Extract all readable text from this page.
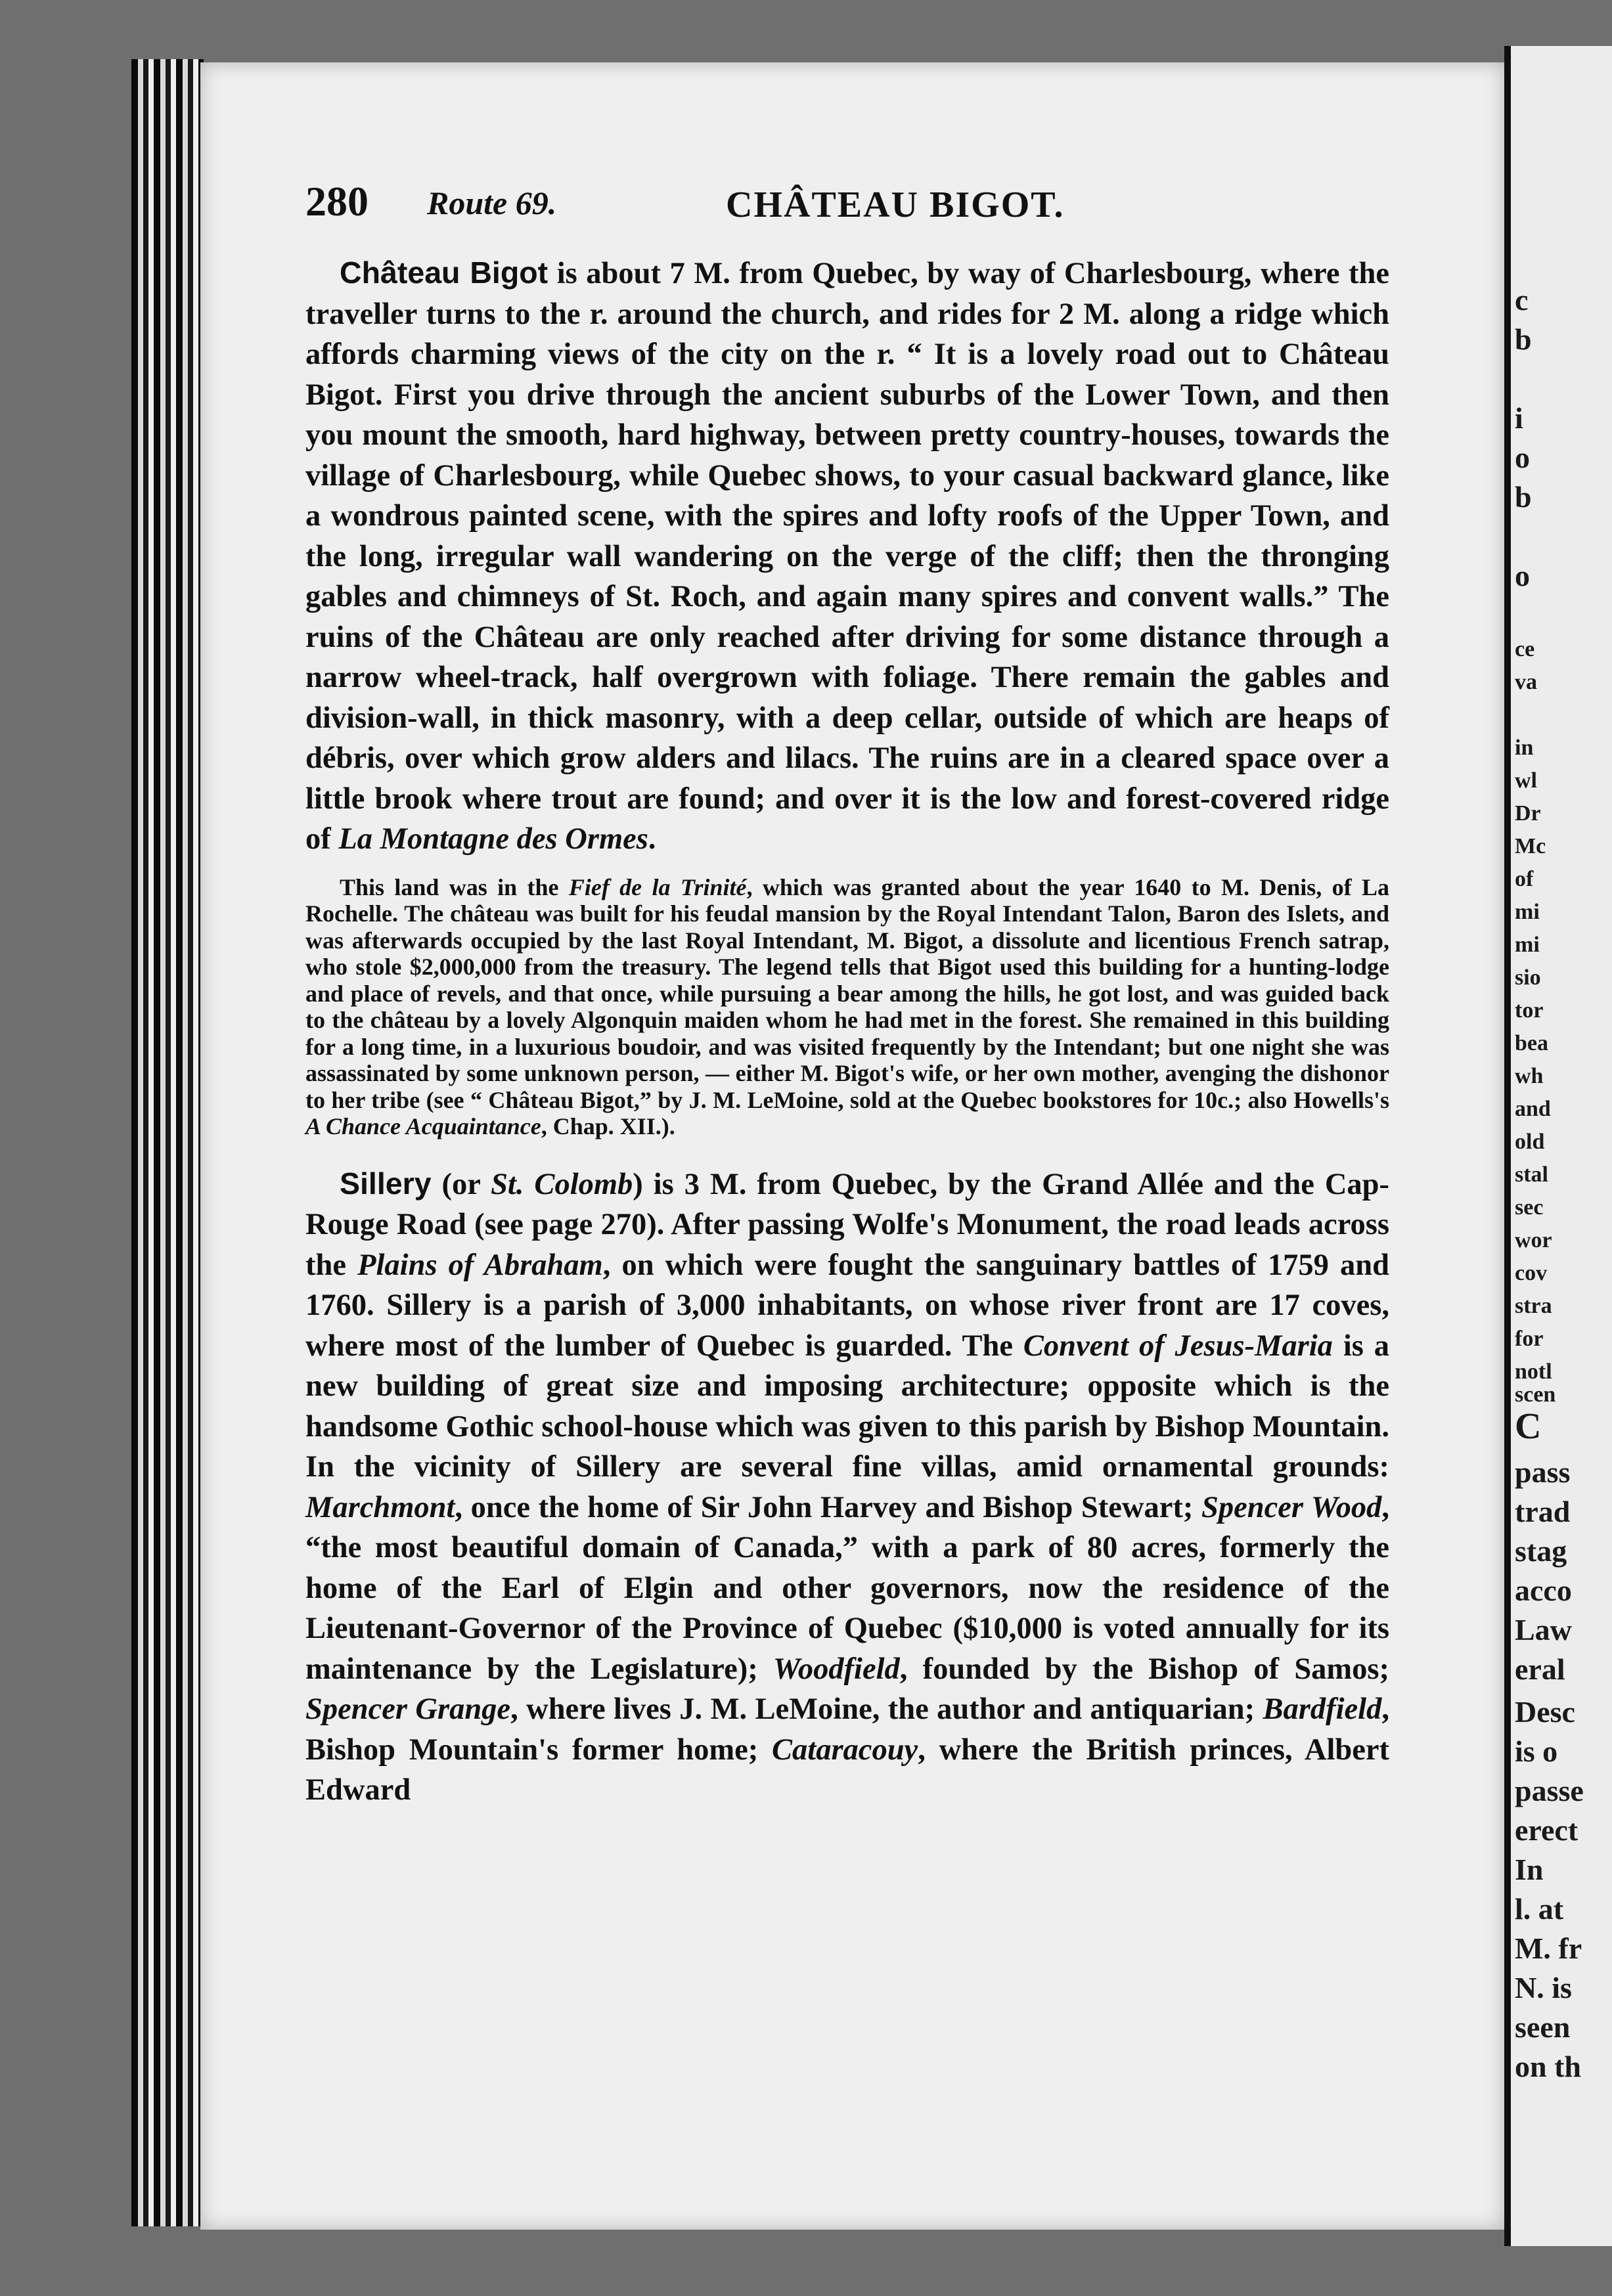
c
b
i
o
b
o
ce
va
in
wl
Dr
Mc
of
mi
mi
sio
tor
bea
wh
and
old
stal
sec
wor
cov
stra
for
notl
scen
C
pass
trad
stag
acco
Law
eral
Desc
is o
passe
erect
In
l. at
M. fr
N. is
seen
on th
280 Route 69.	CHÂTEAU BIGOT.

Château Bigot is about 7 M. from Quebec, by way of Charlesbourg, where the traveller turns to the r. around the church, and rides for 2 M. along a ridge which affords charming views of the city on the r. “ It is a lovely road out to Château Bigot. First you drive through the ancient suburbs of the Lower Town, and then you mount the smooth, hard highway, between pretty country-houses, towards the village of Charlesbourg, while Quebec shows, to your casual backward glance, like a wondrous painted scene, with the spires and lofty roofs of the Upper Town, and the long, irregular wall wandering on the verge of the cliff; then the thronging gables and chimneys of St. Roch, and again many spires and convent walls.” The ruins of the Château are only reached after driving for some distance through a narrow wheel-track, half overgrown with foliage. There remain the gables and division-wall, in thick masonry, with a deep cellar, outside of which are heaps of débris, over which grow alders and lilacs. The ruins are in a cleared space over a little brook where trout are found; and over it is the low and forest-covered ridge of La Montagne des Ormes.

This land was in the Fief de la Trinité, which was granted about the year 1640 to M. Denis, of La Rochelle. The château was built for his feudal mansion by the Royal Intendant Talon, Baron des Islets, and was afterwards occupied by the last Royal Intendant, M. Bigot, a dissolute and licentious French satrap, who stole $2,000,000 from the treasury. The legend tells that Bigot used this building for a hunting-lodge and place of revels, and that once, while pursuing a bear among the hills, he got lost, and was guided back to the château by a lovely Algonquin maiden whom he had met in the forest. She remained in this building for a long time, in a luxurious boudoir, and was visited frequently by the Intendant; but one night she was assassinated by some unknown person, — either M. Bigot's wife, or her own mother, avenging the dishonor to her tribe (see “ Château Bigot,” by J. M. LeMoine, sold at the Quebec bookstores for 10c.; also Howells's A Chance Acquaintance, Chap. XII.).

Sillery (or St. Colomb) is 3 M. from Quebec, by the Grand Allée and the Cap-Rouge Road (see page 270). After passing Wolfe's Monument, the road leads across the Plains of Abraham, on which were fought the sanguinary battles of 1759 and 1760. Sillery is a parish of 3,000 inhabitants, on whose river front are 17 coves, where most of the lumber of Quebec is guarded. The Convent of Jesus-Maria is a new building of great size and imposing architecture; opposite which is the handsome Gothic school-house which was given to this parish by Bishop Mountain. In the vicinity of Sillery are several fine villas, amid ornamental grounds: Marchmont, once the home of Sir John Harvey and Bishop Stewart; Spencer Wood, “the most beautiful domain of Canada,” with a park of 80 acres, formerly the home of the Earl of Elgin and other governors, now the residence of the Lieutenant-Governor of the Province of Quebec ($10,000 is voted annually for its maintenance by the Legislature); Woodfield, founded by the Bishop of Samos; Spencer Grange, where lives J. M. LeMoine, the author and antiquarian; Bardfield, Bishop Mountain's former home; Cataracouy, where the British princes, Albert Edward
